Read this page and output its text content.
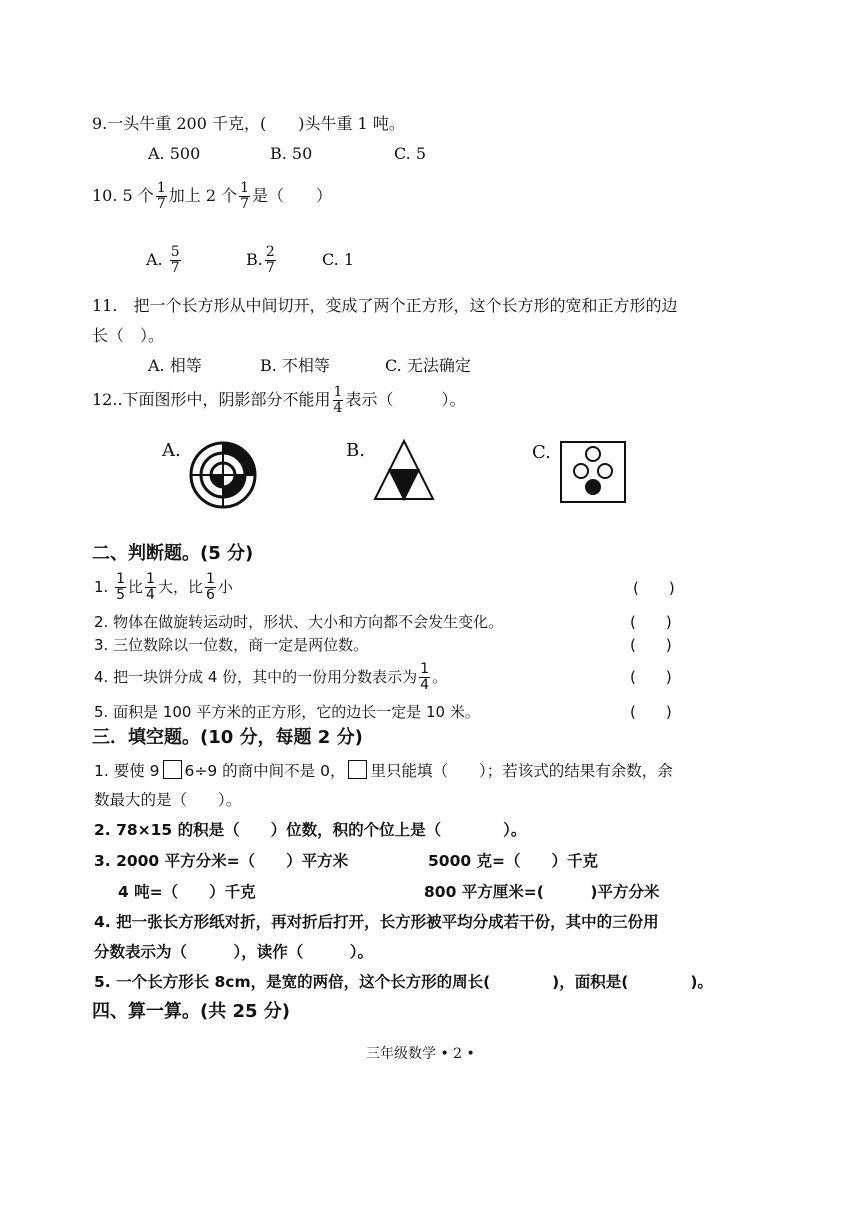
9.一头牛重 200 千克，(　　)头牛重 1 吨。
A. 500	B. 50	C. 5
10. 5 个 $\frac{1}{7}$ 加上 2 个 $\frac{1}{7}$ 是（　　）
A. $\frac{5}{7}$	B. $\frac{2}{7}$	C. 1
11.　把一个长方形从中间切开，变成了两个正方形，这个长方形的宽和正方形的边
长（　）。
A. 相等	B. 不相等	C. 无法确定
12..下面图形中，阴影部分不能用 $\frac{1}{4}$ 表示（　　　）。
A.	B.	C.
二、判断题。(5 分)
1. $\frac{1}{5}$ 比 $\frac{1}{4}$ 大，比 $\frac{1}{6}$ 小	(　　)
2. 物体在做旋转运动时，形状、大小和方向都不会发生变化。	(　　)
3. 三位数除以一位数，商一定是两位数。	(　　)
4. 把一块饼分成 4 份，其中的一份用分数表示为 $\frac{1}{4}$ 。	(　　)
5. 面积是 100 平方米的正方形，它的边长一定是 10 米。	(　　)
三．填空题。(10 分，每题 2 分)
1. 要使 9 6÷9 的商中间不是 0， 里只能填（　　）；若该式的结果有余数，余
数最大的是（　　）。
2. 78×15 的积是（　　）位数，积的个位上是（　　　　）。
3. 2000 平方分米=（　　）平方米	5000 克=（　　）千克
4 吨=（　　）千克	800 平方厘米=(　　　)平方分米
4. 把一张长方形纸对折，再对折后打开，长方形被平均分成若干份，其中的三份用
分数表示为（　　　），读作（　　　）。
5. 一个长方形长 8cm，是宽的两倍，这个长方形的周长(　　　　)，面积是(　　　　)。
四、算一算。(共 25 分)
三年级数学 • 2 •
